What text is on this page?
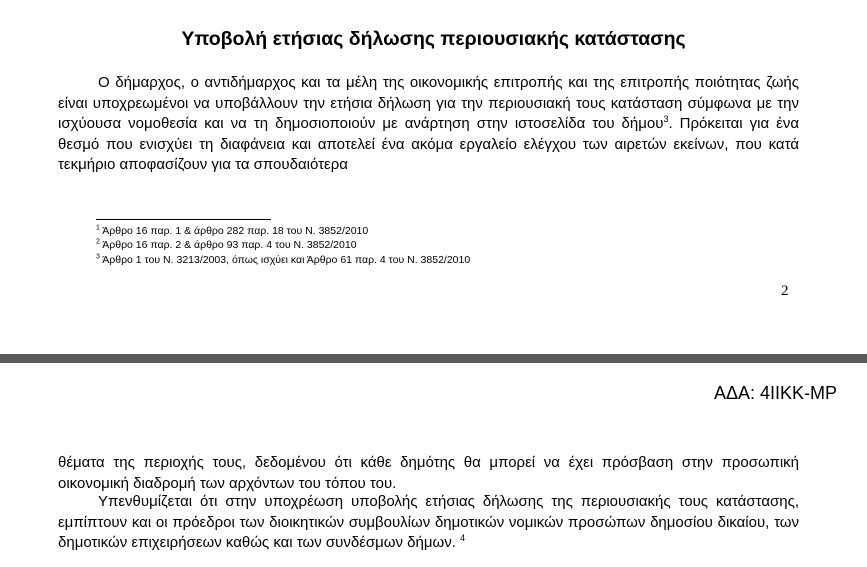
Υποβολή ετήσιας δήλωσης περιουσιακής κατάστασης

Ο δήμαρχος, ο αντιδήμαρχος και τα μέλη της οικονομικής επιτροπής και της επιτροπής ποιότητας ζωής είναι υποχρεωμένοι να υποβάλλουν την ετήσια δήλωση για την περιουσιακή τους κατάσταση σύμφωνα με την ισχύουσα νομοθεσία και να τη δημοσιοποιούν με ανάρτηση στην ιστοσελίδα του δήμου$^3$. Πρόκειται για ένα θεσμό που ενισχύει τη διαφάνεια και αποτελεί ένα ακόμα εργαλείο ελέγχου των αιρετών εκείνων, που κατά τεκμήριο αποφασίζουν για τα σπουδαιότερα

$^1$ Άρθρο 16 παρ. 1 & άρθρο 282 παρ. 18 του Ν. 3852/2010
$^2$ Άρθρο 16 παρ. 2 & άρθρο 93 παρ. 4 του Ν. 3852/2010
$^3$ Άρθρο 1 του Ν. 3213/2003, όπως ισχύει και Άρθρο 61 παρ. 4 του Ν. 3852/2010
2
ΑΔΑ: 4ΙΙΚΚ-ΜΡ

θέματα της περιοχής τους, δεδομένου ότι κάθε δημότης θα μπορεί να έχει πρόσβαση στην προσωπική οικονομική διαδρομή των αρχόντων του τόπου του.

Υπενθυμίζεται ότι στην υποχρέωση υποβολής ετήσιας δήλωσης της περιουσιακής τους κατάστασης, εμπίπτουν και οι πρόεδροι των διοικητικών συμβουλίων δημοτικών νομικών προσώπων δημοσίου δικαίου, των δημοτικών επιχειρήσεων καθώς και των συνδέσμων δήμων. $^4$
